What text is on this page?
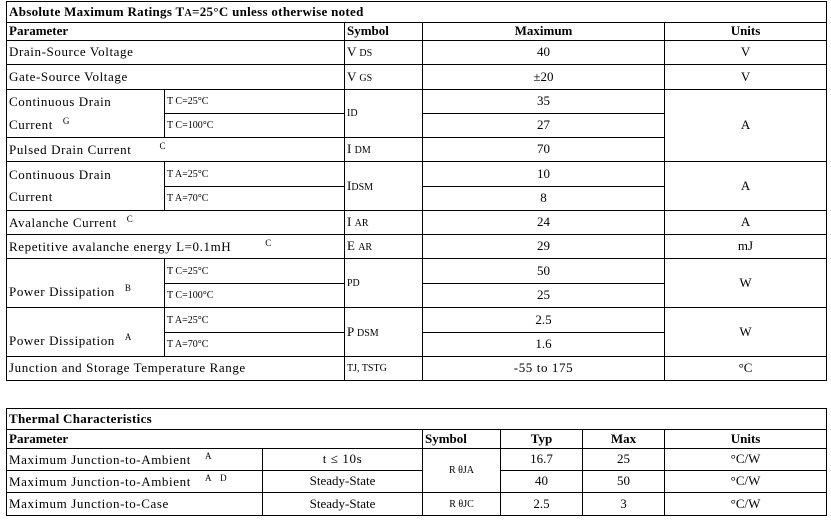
Absolute Maximum Ratings TA=25°C unless otherwise noted				
Parameter		Symbol	Maximum	Units
Drain-Source Voltage		V DS	40	V
Gate-Source Voltage		V GS	±20	V

Continuous Drain
Current $^G$	T C=25°C	ID	35	A
	T C=100°C		27	
Pulsed Drain Current $^C$		I DM	70	

Continuous Drain
Current	T A=25°C	IDSM	10	A
	T A=70°C		8	
Avalanche Current $^C$		I AR	24	A
Repetitive avalanche energy L=0.1mH $^C$		E AR	29	mJ
Power Dissipation $^B$	T C=25°C	PD	50	W
	T C=100°C		25	
Power Dissipation $^A$	T A=25°C	P DSM	2.5	W
	T A=70°C		1.6	
Junction and Storage Temperature Range		TJ, TSTG	-55 to 175	°C
Thermal Characteristics					
Parameter		Symbol	Typ	Max	Units
Maximum Junction-to-Ambient $^A$	t ≤ 10s	R θJA	16.7	25	°C/W
Maximum Junction-to-Ambient $^{A D}$	Steady-State		40	50	°C/W
Maximum Junction-to-Case	Steady-State	R θJC	2.5	3	°C/W
